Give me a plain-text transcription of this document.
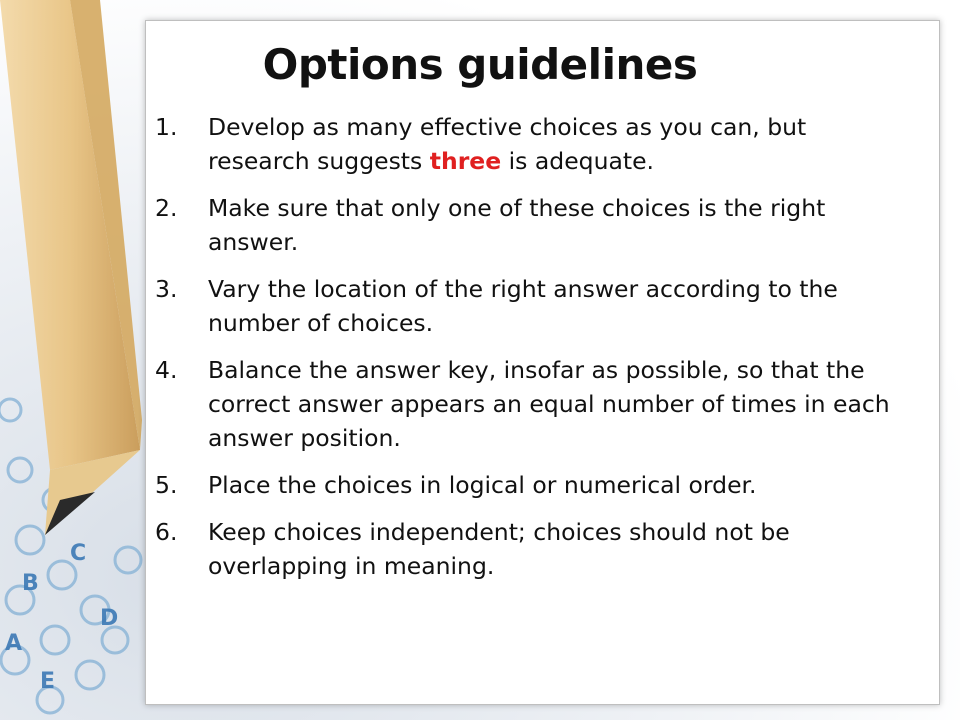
B
C
A
E
D
Options guidelines
1. Develop as many effective choices as you can, but research suggests three is adequate.
2. Make sure that only one of these choices is the right answer.
3. Vary the location of the right answer according to the number of choices.
4. Balance the answer key, insofar as possible, so that the correct answer appears an equal number of times in each answer position.
5. Place the choices in logical or numerical order.
6. Keep choices independent; choices should not be overlapping in meaning.
